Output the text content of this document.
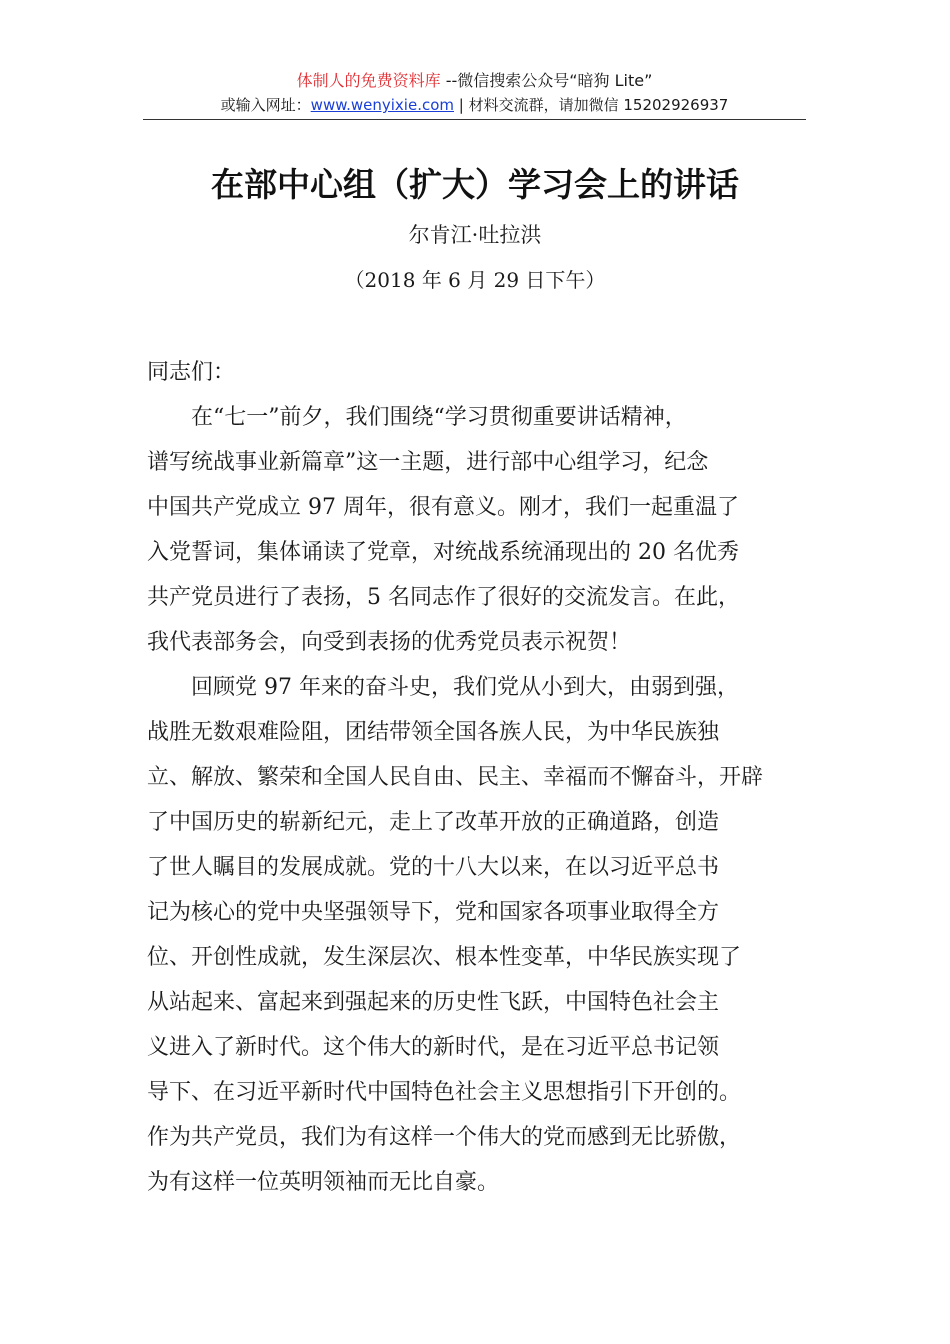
体制人的免费资料库 --微信搜索公众号“暗狗 Lite”
或输入网址：www.wenyixie.com | 材料交流群，请加微信 15202926937
在部中心组（扩大）学习会上的讲话
尔肯江·吐拉洪
（2018 年 6 月 29 日下午）
同志们：
　　在“七一”前夕，我们围绕“学习贯彻重要讲话精神，
谱写统战事业新篇章”这一主题，进行部中心组学习，纪念
中国共产党成立 97 周年，很有意义。刚才，我们一起重温了
入党誓词，集体诵读了党章，对统战系统涌现出的 20 名优秀
共产党员进行了表扬，5 名同志作了很好的交流发言。在此，
我代表部务会，向受到表扬的优秀党员表示祝贺！
　　回顾党 97 年来的奋斗史，我们党从小到大，由弱到强，
战胜无数艰难险阻，团结带领全国各族人民，为中华民族独
立、解放、繁荣和全国人民自由、民主、幸福而不懈奋斗，开辟
了中国历史的崭新纪元，走上了改革开放的正确道路，创造
了世人瞩目的发展成就。党的十八大以来，在以习近平总书
记为核心的党中央坚强领导下，党和国家各项事业取得全方
位、开创性成就，发生深层次、根本性变革，中华民族实现了
从站起来、富起来到强起来的历史性飞跃，中国特色社会主
义进入了新时代。这个伟大的新时代，是在习近平总书记领
导下、在习近平新时代中国特色社会主义思想指引下开创的。
作为共产党员，我们为有这样一个伟大的党而感到无比骄傲，
为有这样一位英明领袖而无比自豪。
